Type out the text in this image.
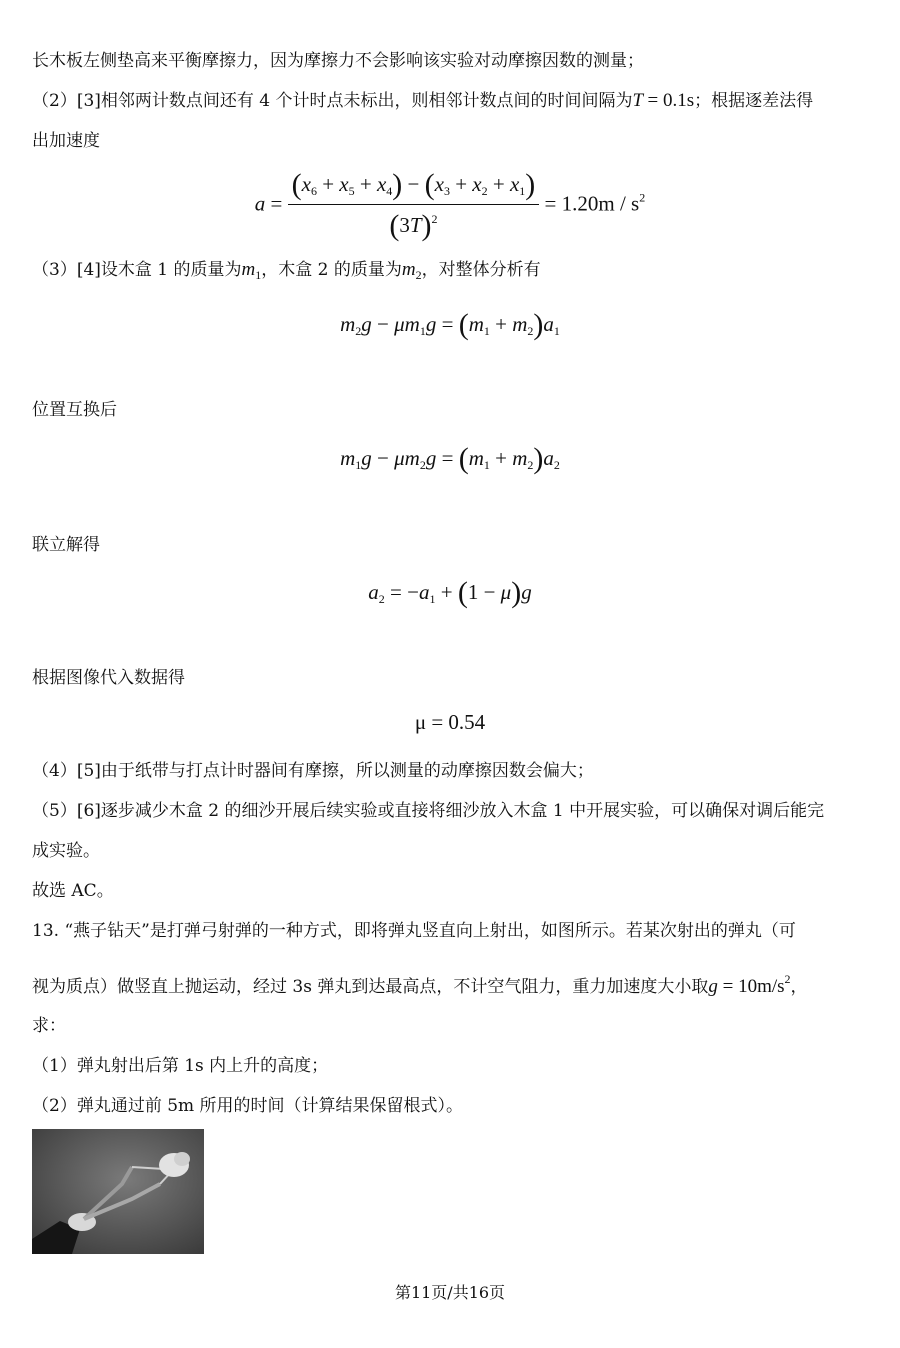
长木板左侧垫高来平衡摩擦力，因为摩擦力不会影响该实验对动摩擦因数的测量；
（2）[3]相邻两计数点间还有 4 个计时点未标出，则相邻计数点间的时间间隔为T = 0.1s；根据逐差法得
出加速度
$a = \frac{(x_6 + x_5 + x_4) - (x_3 + x_2 + x_1)}{(3T)^2} = 1.20m / s^2$
（3）[4]设木盒 1 的质量为$m_1$，木盒 2 的质量为$m_2$，对整体分析有
$m_2g - \mu m_1g = (m_1 + m_2)a_1$
位置互换后
$m_1g - \mu m_2g = (m_1 + m_2)a_2$
联立解得
$a_2 = -a_1 + (1 - \mu)g$
根据图像代入数据得
μ = 0.54
（4）[5]由于纸带与打点计时器间有摩擦，所以测量的动摩擦因数会偏大；
（5）[6]逐步减少木盒 2 的细沙开展后续实验或直接将细沙放入木盒 1 中开展实验，可以确保对调后能完
成实验。
故选 AC。
13. “燕子钻天”是打弹弓射弹的一种方式，即将弹丸竖直向上射出，如图所示。若某次射出的弹丸（可
视为质点）做竖直上抛运动，经过 3s 弹丸到达最高点，不计空气阻力，重力加速度大小取$g = 10m/s^2$，
求：
（1）弹丸射出后第 1s 内上升的高度；
（2）弹丸通过前 5m 所用的时间（计算结果保留根式）。
第11页/共16页
